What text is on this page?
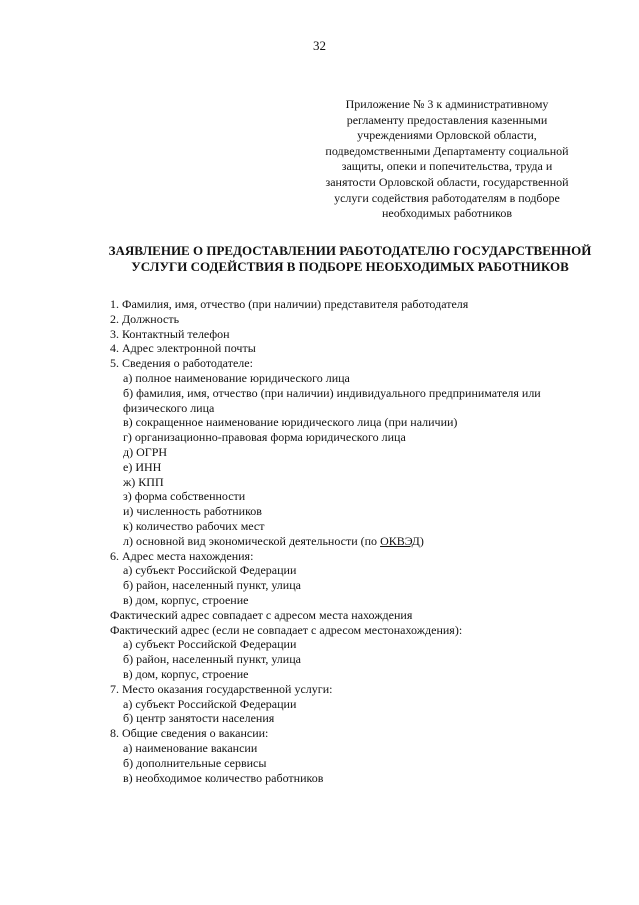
32
Приложение № 3 к административному
регламенту предоставления казенными
учреждениями Орловской области,
подведомственными Департаменту социальной
защиты, опеки и попечительства, труда и
занятости Орловской области, государственной
услуги содействия работодателям в подборе
необходимых работников
ЗАЯВЛЕНИЕ О ПРЕДОСТАВЛЕНИИ РАБОТОДАТЕЛЮ ГОСУДАРСТВЕННОЙ
УСЛУГИ СОДЕЙСТВИЯ В ПОДБОРЕ НЕОБХОДИМЫХ РАБОТНИКОВ
1. Фамилия, имя, отчество (при наличии) представителя работодателя
2. Должность
3. Контактный телефон
4. Адрес электронной почты
5. Сведения о работодателе:
а) полное наименование юридического лица
б) фамилия, имя, отчество (при наличии) индивидуального предпринимателя или физического лица
в) сокращенное наименование юридического лица (при наличии)
г) организационно-правовая форма юридического лица
д) ОГРН
е) ИНН
ж) КПП
з) форма собственности
и) численность работников
к) количество рабочих мест
л) основной вид экономической деятельности (по ОКВЭД)
6. Адрес места нахождения:
а) субъект Российской Федерации
б) район, населенный пункт, улица
в) дом, корпус, строение
Фактический адрес совпадает с адресом места нахождения
Фактический адрес (если не совпадает с адресом местонахождения):
а) субъект Российской Федерации
б) район, населенный пункт, улица
в) дом, корпус, строение
7. Место оказания государственной услуги:
а) субъект Российской Федерации
б) центр занятости населения
8. Общие сведения о вакансии:
а) наименование вакансии
б) дополнительные сервисы
в) необходимое количество работников
